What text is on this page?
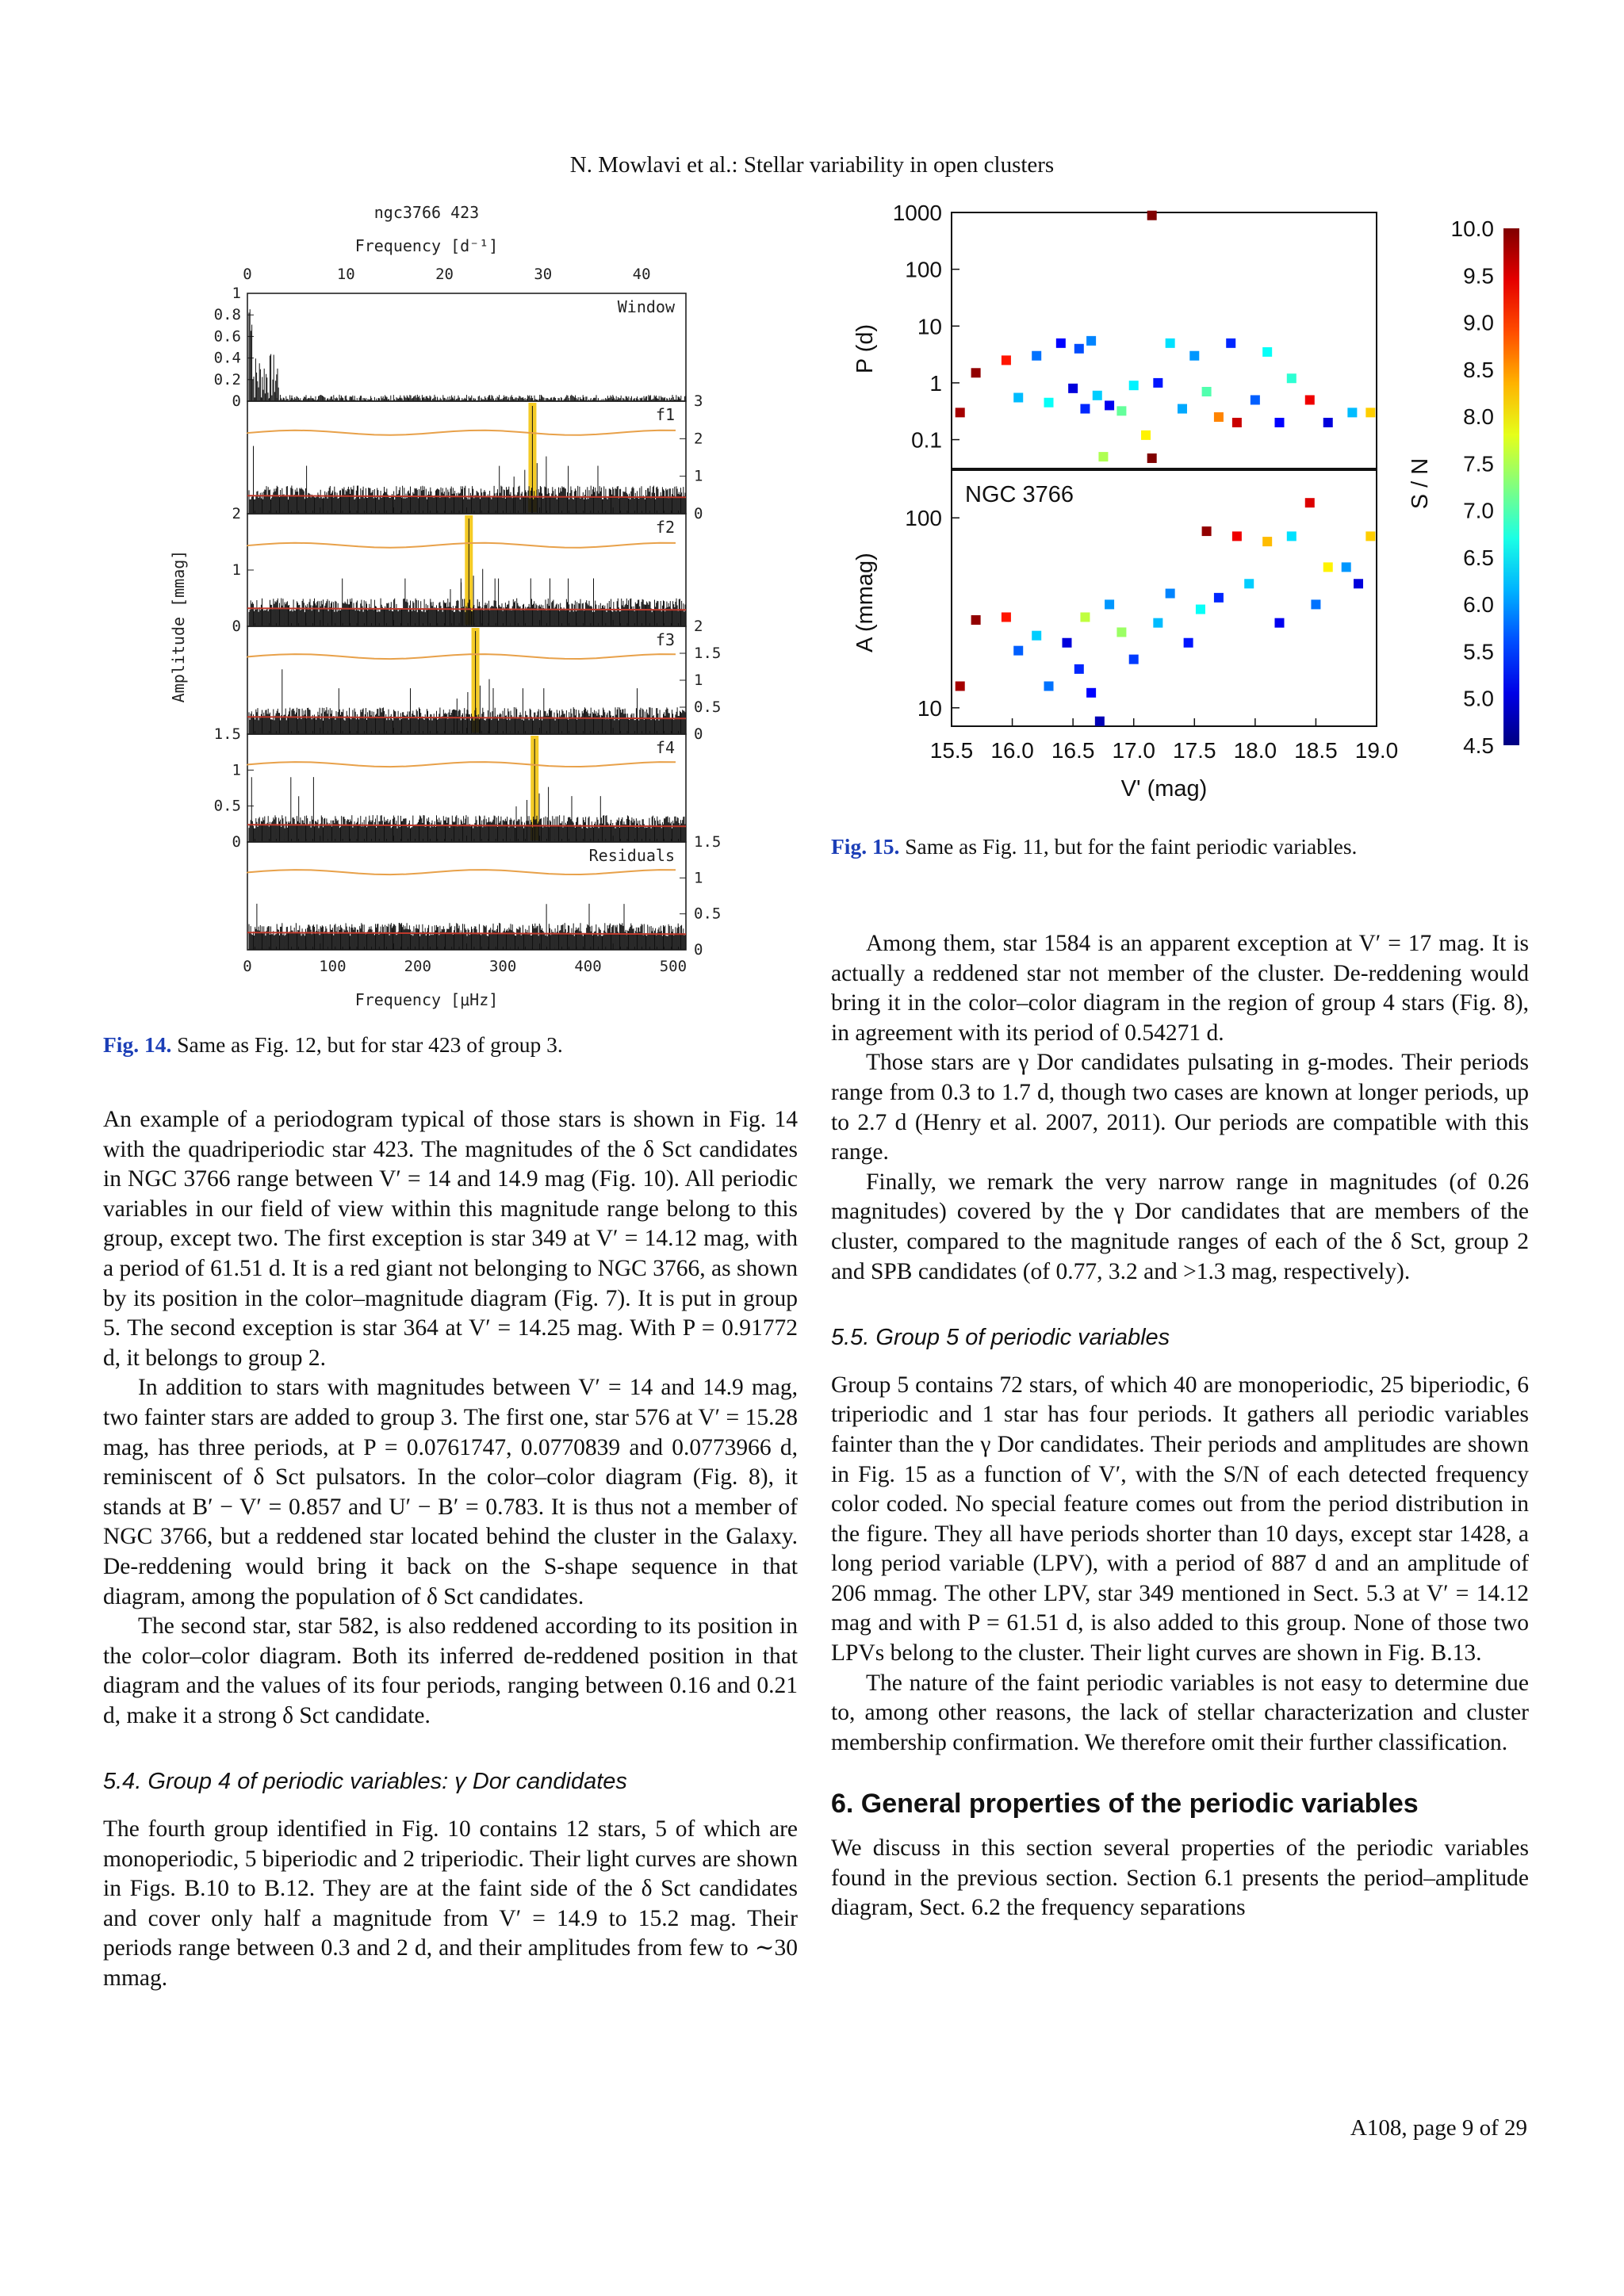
N. Mowlavi et al.: Stellar variability in open clusters
ngc3766 423
Frequency [d⁻¹]
Frequency [μHz]
Amplitude [mmag]
0	10	20	30	40
0	100	200	300	400	500
1
0.8
0.6
0.4
0.2
0
Window
3
2
1
0
f1
2
1
0
f2
2
1.5
1
0.5
0
f3
1.5
1
0.5
0
f4
1.5
1
0.5
0
Residuals
Fig. 14. Same as Fig. 12, but for star 423 of group 3.
P (d)
A (mmag)
V' (mag)
S / N
NGC 3766
1000
100
10
1
0.1
100
10
15.5 16.0 16.5 17.0 17.5 18.0 18.5 19.0
10.0
9.5
9.0
8.5
8.0
7.5
7.0
6.5
6.0
5.5
5.0
4.5
Fig. 15. Same as Fig. 11, but for the faint periodic variables.

An example of a periodogram typical of those stars is shown in Fig. 14 with the quadriperiodic star 423. The magnitudes of the δ Sct candidates in NGC 3766 range between V′ = 14 and 14.9 mag (Fig. 10). All periodic variables in our field of view within this magnitude range belong to this group, except two. The first exception is star 349 at V′ = 14.12 mag, with a period of 61.51 d. It is a red giant not belonging to NGC 3766, as shown by its position in the color–magnitude diagram (Fig. 7). It is put in group 5. The second exception is star 364 at V′ = 14.25 mag. With P = 0.91772 d, it belongs to group 2.

In addition to stars with magnitudes between V′ = 14 and 14.9 mag, two fainter stars are added to group 3. The first one, star 576 at V′ = 15.28 mag, has three periods, at P = 0.0761747, 0.0770839 and 0.0773966 d, reminiscent of δ Sct pulsators. In the color–color diagram (Fig. 8), it stands at B′ − V′ = 0.857 and U′ − B′ = 0.783. It is thus not a member of NGC 3766, but a reddened star located behind the cluster in the Galaxy. De-reddening would bring it back on the S-shape sequence in that diagram, among the population of δ Sct candidates.

The second star, star 582, is also reddened according to its position in the color–color diagram. Both its inferred de-reddened position in that diagram and the values of its four periods, ranging between 0.16 and 0.21 d, make it a strong δ Sct candidate.

5.4. Group 4 of periodic variables: γ Dor candidates

The fourth group identified in Fig. 10 contains 12 stars, 5 of which are monoperiodic, 5 biperiodic and 2 triperiodic. Their light curves are shown in Figs. B.10 to B.12. They are at the faint side of the δ Sct candidates and cover only half a magnitude from V′ = 14.9 to 15.2 mag. Their periods range between 0.3 and 2 d, and their amplitudes from few to ∼30 mmag.

Among them, star 1584 is an apparent exception at V′ = 17 mag. It is actually a reddened star not member of the cluster. De-reddening would bring it in the color–color diagram in the region of group 4 stars (Fig. 8), in agreement with its period of 0.54271 d.

Those stars are γ Dor candidates pulsating in g-modes. Their periods range from 0.3 to 1.7 d, though two cases are known at longer periods, up to 2.7 d (Henry et al. 2007, 2011). Our periods are compatible with this range.

Finally, we remark the very narrow range in magnitudes (of 0.26 magnitudes) covered by the γ Dor candidates that are members of the cluster, compared to the magnitude ranges of each of the δ Sct, group 2 and SPB candidates (of 0.77, 3.2 and >1.3 mag, respectively).

5.5. Group 5 of periodic variables

Group 5 contains 72 stars, of which 40 are monoperiodic, 25 biperiodic, 6 triperiodic and 1 star has four periods. It gathers all periodic variables fainter than the γ Dor candidates. Their periods and amplitudes are shown in Fig. 15 as a function of V′, with the S/N of each detected frequency color coded. No special feature comes out from the period distribution in the figure. They all have periods shorter than 10 days, except star 1428, a long period variable (LPV), with a period of 887 d and an amplitude of 206 mmag. The other LPV, star 349 mentioned in Sect. 5.3 at V′ = 14.12 mag and with P = 61.51 d, is also added to this group. None of those two LPVs belong to the cluster. Their light curves are shown in Fig. B.13.

The nature of the faint periodic variables is not easy to determine due to, among other reasons, the lack of stellar characterization and cluster membership confirmation. We therefore omit their further classification.

6. General properties of the periodic variables

We discuss in this section several properties of the periodic variables found in the previous section. Section 6.1 presents the period–amplitude diagram, Sect. 6.2 the frequency separations

A108, page 9 of 29
